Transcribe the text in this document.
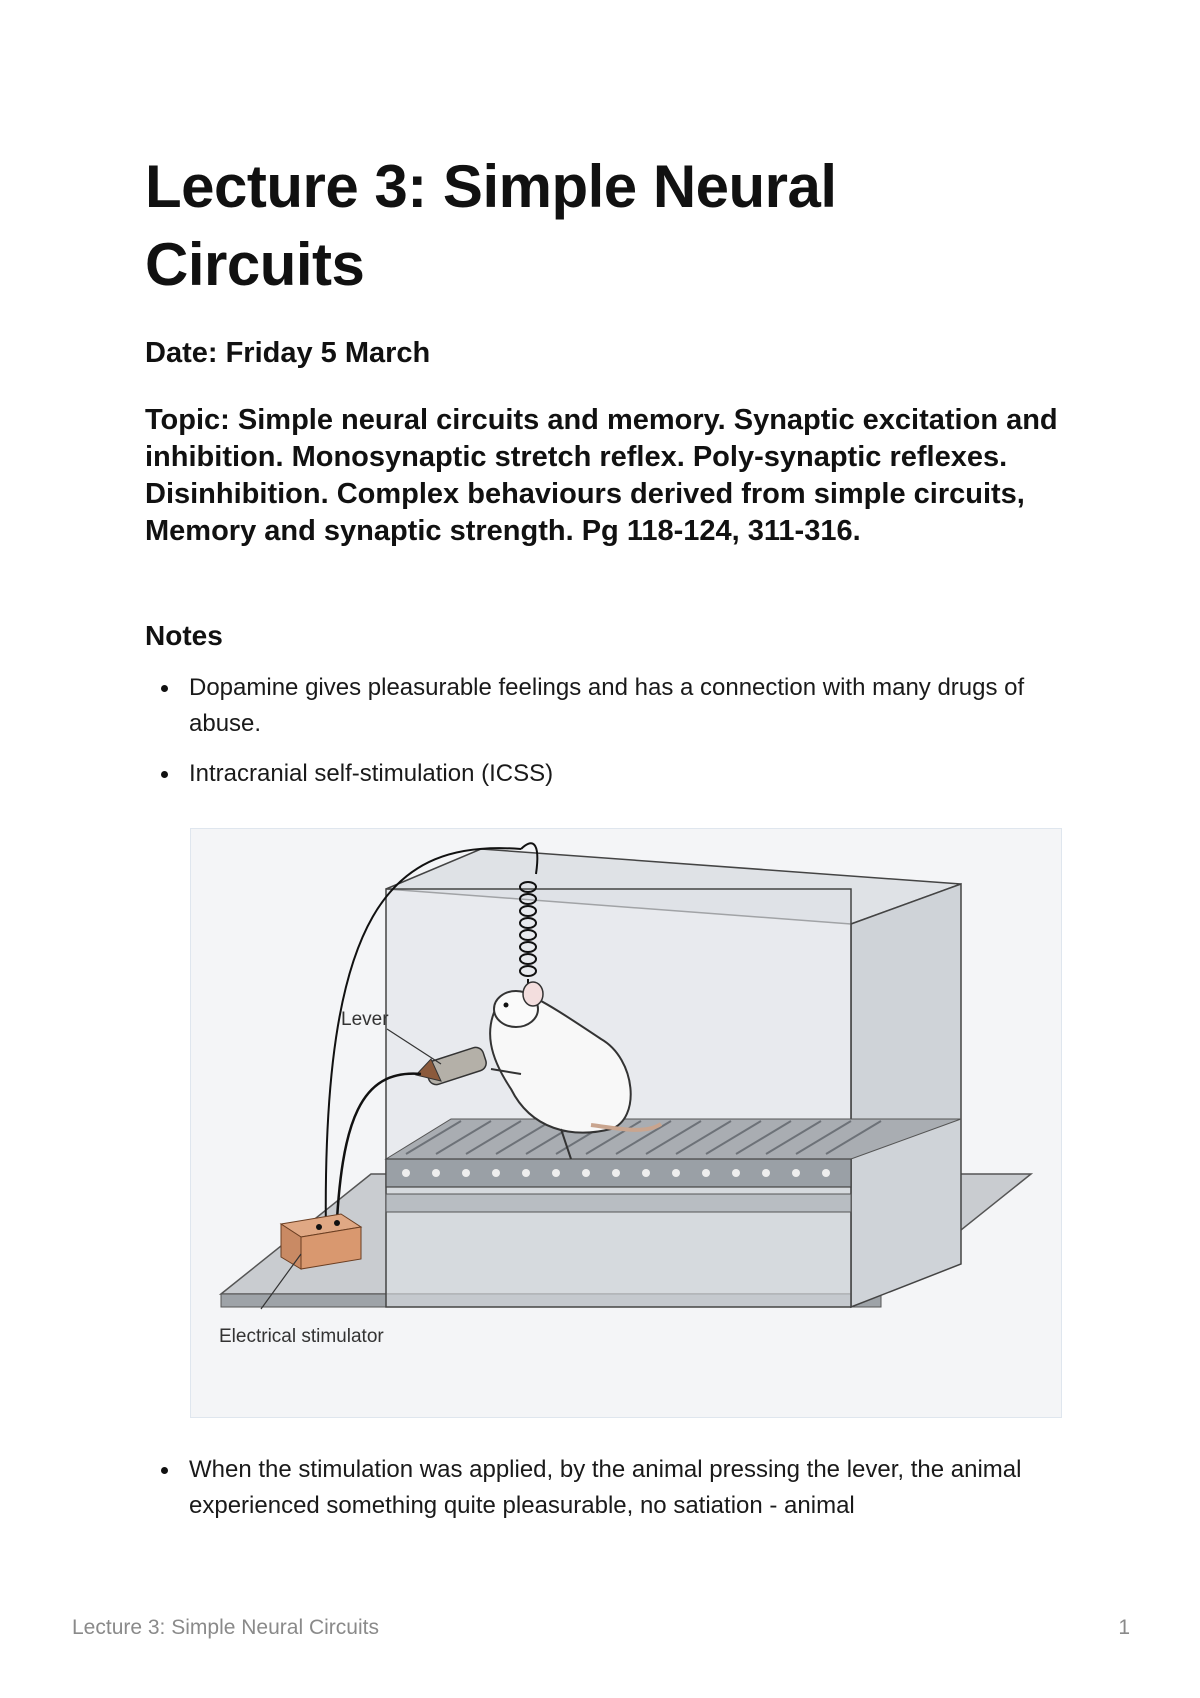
Lecture 3: Simple Neural Circuits

Date: Friday 5 March

Topic: Simple neural circuits and memory. Synaptic excitation and inhibition. Monosynaptic stretch reflex. Poly-synaptic reflexes. Disinhibition. Complex behaviours derived from simple circuits, Memory and synaptic strength. Pg 118-124, 311-316.

Notes

Dopamine gives pleasurable feelings and has a connection with many drugs of abuse.

Intracranial self-stimulation (ICSS)

Lever
Electrical stimulator

When the stimulation was applied, by the animal pressing the lever, the animal experienced something quite pleasurable, no satiation - animal

Lecture 3: Simple Neural Circuits	1
